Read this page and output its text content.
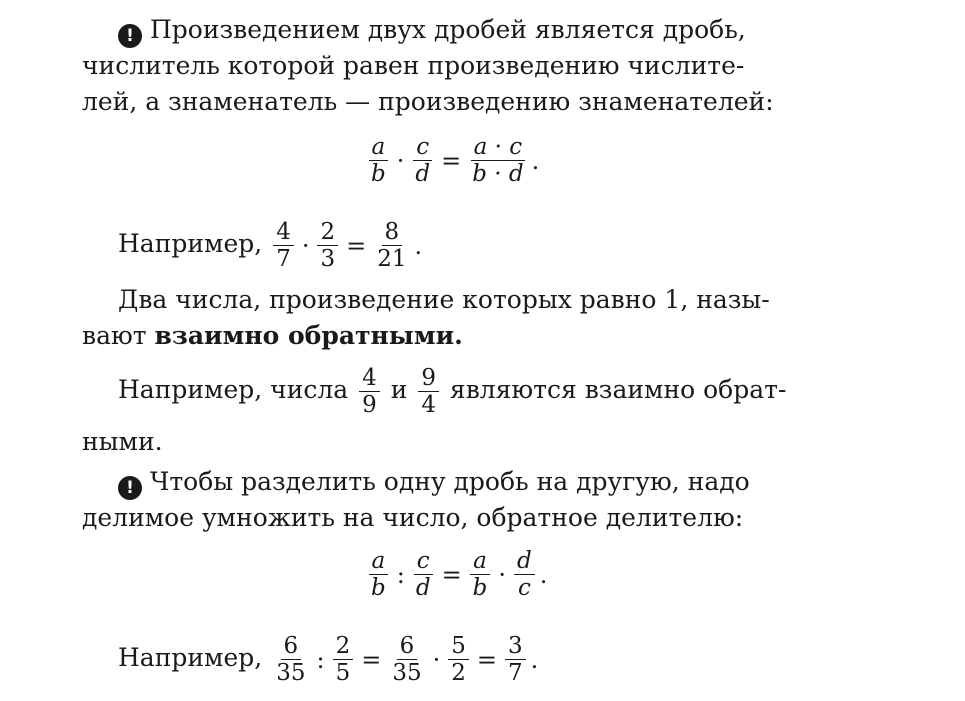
! Произведением двух дробей является дробь,
числитель которой равен произведению числите-
лей, а знаменатель — произведению знаменателей:
$\frac{a}{b} \cdot \frac{c}{d} = \frac{a \cdot c}{b \cdot d}$ .
Например, $\frac{4}{7} \cdot \frac{2}{3} = \frac{8}{21}$ .
Два числа, произведение которых равно 1, назы-
вают взаимно обратными.
Например, числа $\frac{4}{9}$ и $\frac{9}{4}$ являются взаимно обрат-
ными.
! Чтобы разделить одну дробь на другую, надо
делимое умножить на число, обратное делителю:
$\frac{a}{b}$ : $\frac{c}{d} = \frac{a}{b} \cdot \frac{d}{c}$ .
Например, $\frac{6}{35}$ : $\frac{2}{5} = \frac{6}{35} \cdot \frac{5}{2} = \frac{3}{7}$ .
